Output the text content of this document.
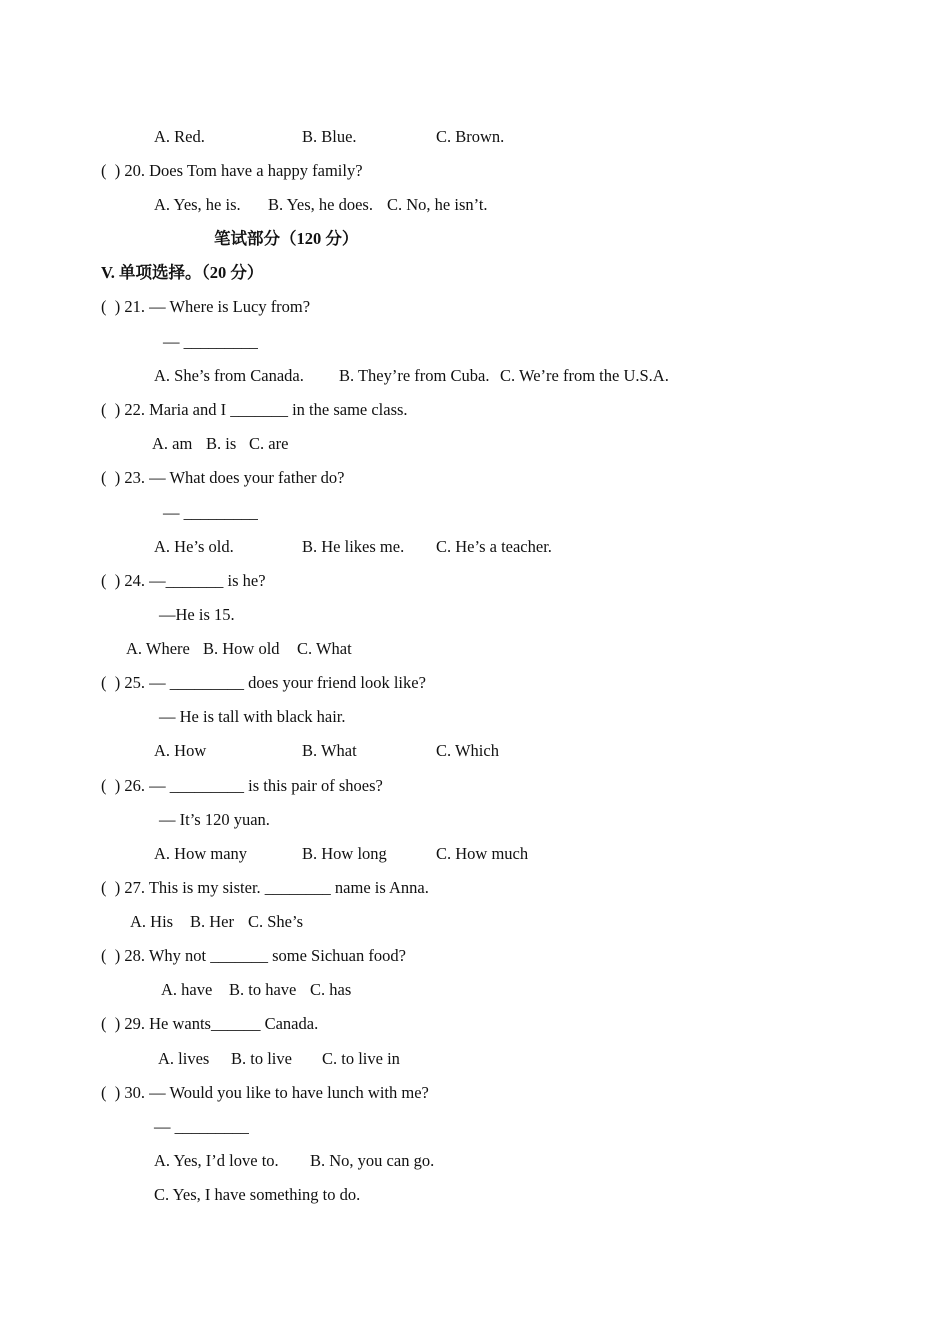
A. Red.	B. Blue.	C. Brown.
(  ) 20. Does Tom have a happy family?
A. Yes, he is. B. Yes, he does. C. No, he isn’t.
笔试部分（120 分）
V. 单项选择。（20 分）
(  ) 21. — Where is Lucy from?
— _________
A. She’s from Canada. B. They’re from Cuba. C. We’re from the U.S.A.
(  ) 22. Maria and I _______ in the same class.
A. am B. is C. are
(  ) 23. — What does your father do?
— _________
A. He’s old.	B. He likes me. C. He’s a teacher.
(  ) 24. —_______ is he?
—He is 15.
A. Where B. How old C. What
(  ) 25. — _________ does your friend look like?
— He is tall with black hair.
A. How	B. What	C. Which
(  ) 26. — _________ is this pair of shoes?
— It’s 120 yuan.
A. How many	B. How long	C. How much
(  ) 27. This is my sister. ________ name is Anna.
A. His B. Her C. She’s
(  ) 28. Why not _______ some Sichuan food?
A. have B. to have C. has
(  ) 29. He wants______ Canada.
A. lives B. to live C. to live in
(  ) 30. — Would you like to have lunch with me?
— _________
A. Yes, I’d love to. B. No, you can go.
C. Yes, I have something to do.
